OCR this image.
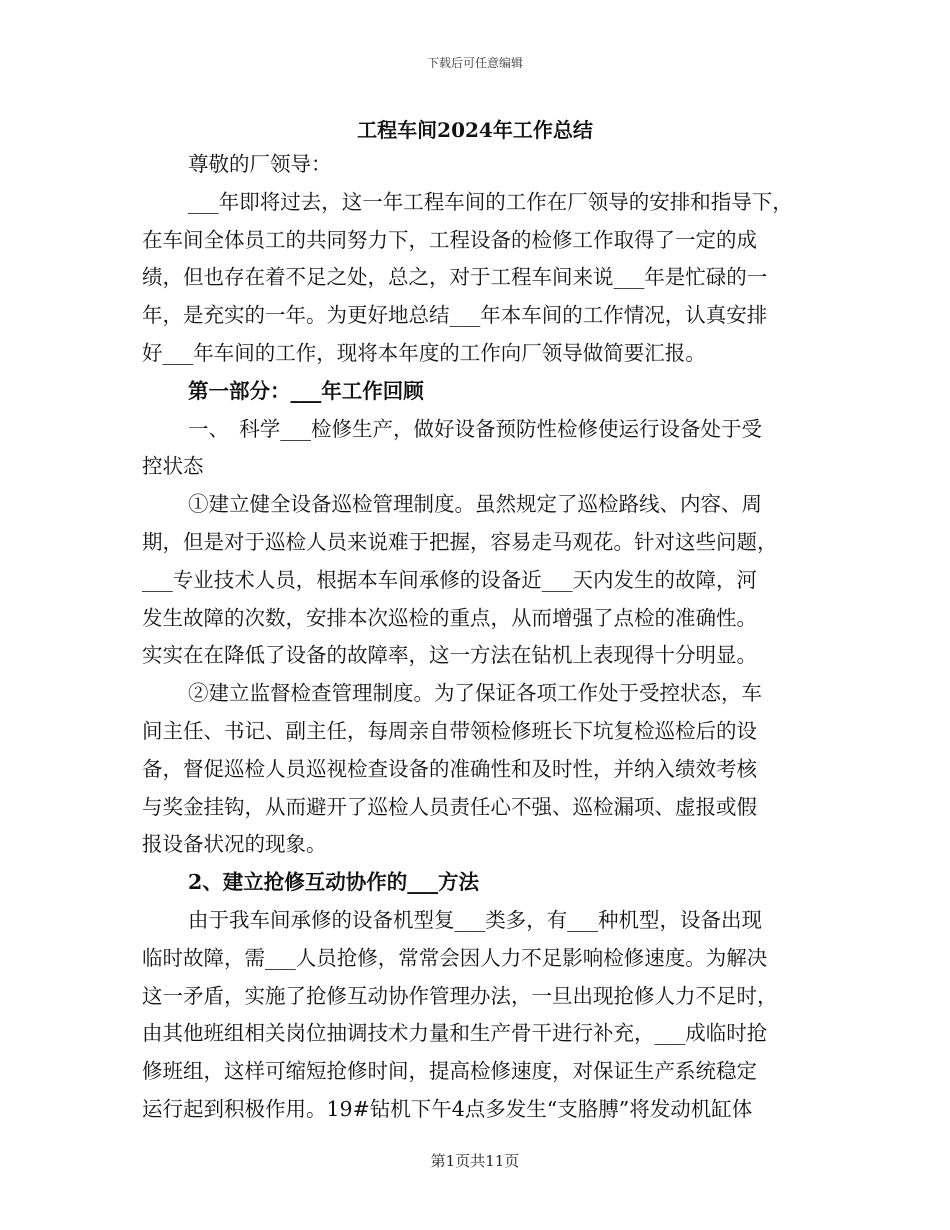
下载后可任意编辑
工程车间2024年工作总结
尊敬的厂领导：
___年即将过去，这一年工程车间的工作在厂领导的安排和指导下，
在车间全体员工的共同努力下，工程设备的检修工作取得了一定的成
绩，但也存在着不足之处，总之，对于工程车间来说___年是忙碌的一
年，是充实的一年。为更好地总结___年本车间的工作情况，认真安排
好___年车间的工作，现将本年度的工作向厂领导做简要汇报。
第一部分：___年工作回顾
一、　科学___检修生产，做好设备预防性检修使运行设备处于受
控状态
①建立健全设备巡检管理制度。虽然规定了巡检路线、内容、周
期，但是对于巡检人员来说难于把握，容易走马观花。针对这些问题，
___专业技术人员，根据本车间承修的设备近___天内发生的故障，河
发生故障的次数，安排本次巡检的重点，从而增强了点检的准确性。
实实在在降低了设备的故障率，这一方法在钻机上表现得十分明显。
②建立监督检查管理制度。为了保证各项工作处于受控状态，车
间主任、书记、副主任，每周亲自带领检修班长下坑复检巡检后的设
备，督促巡检人员巡视检查设备的准确性和及时性，并纳入绩效考核
与奖金挂钩，从而避开了巡检人员责任心不强、巡检漏项、虚报或假
报设备状况的现象。
2、建立抢修互动协作的___方法
由于我车间承修的设备机型复___类多，有___种机型，设备出现
临时故障，需___人员抢修，常常会因人力不足影响检修速度。为解决
这一矛盾，实施了抢修互动协作管理办法，一旦出现抢修人力不足时，
由其他班组相关岗位抽调技术力量和生产骨干进行补充，___成临时抢
修班组，这样可缩短抢修时间，提高检修速度，对保证生产系统稳定
运行起到积极作用。19#钻机下午4点多发生“支胳膊”将发动机缸体
第1页共11页
